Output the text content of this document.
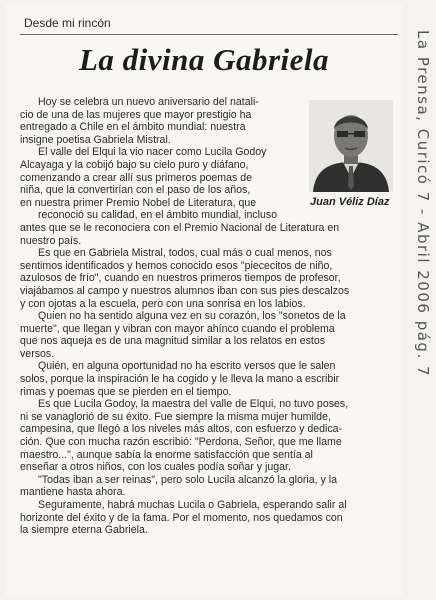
Desde mi rincón
La divina Gabriela
Juan Véliz Díaz

Hoy se celebra un nuevo aniversario del natali-

cio de una de las mujeres que mayor prestigio ha

entregado a Chile en el ámbito mundial: nuestra

insigne poetisa Gabriela Mistral.

El valle del Elqui la vio nacer como Lucila Godoy

Alcayaga y la cobijó bajo su cielo puro y diáfano,

comenzando a crear allí sus primeros poemas de

niña, que la convertirían con el paso de los años,

en nuestra primer Premio Nobel de Literatura, que

reconoció su calidad, en el ámbito mundial, incluso

antes que se le reconociera con el Premio Nacional de Literatura en

nuestro país.

Es que en Gabriela Mistral, todos, cual más o cual menos, nos

sentimos identificados y hemos conocido esos "piececitos de niño,

azulosos de frío", cuando en nuestros primeros tiempos de profesor,

viajábamos al campo y nuestros alumnos iban con sus pies descalzos

y con ojotas a la escuela, pero con una sonrisa en los labios.

Quien no ha sentido alguna vez en su corazón, los "sonetos de la

muerte", que llegan y vibran con mayor ahínco cuando el problema

que nos aqueja es de una magnitud similar a los relatos en estos

versos.

Quién, en alguna oportunidad no ha escrito versos que le salen

solos, porque la inspiración le ha cogido y le lleva la mano a escribir

rimas y poemas que se pierden en el tiempo.

Es que Lucila Godoy, la maestra del valle de Elqui, no tuvo poses,

ni se vanaglorió de su éxito. Fue siempre la misma mujer humilde,

campesina, que llegó a los niveles más altos, con esfuerzo y dedica-

ción. Que con mucha razón escribió: "Perdona, Señor, que me llame

maestro...", aunque sabía la enorme satisfacción que sentía al

enseñar a otros niños, con los cuales podía soñar y jugar.

"Todas iban a ser reinas", pero solo Lucila alcanzó la gloria, y la

mantiene hasta ahora.

Seguramente, habrá muchas Lucila o Gabriela, esperando salir al

horizonte del éxito y de la fama. Por el momento, nos quedamos con

la siempre eterna Gabriela.

La Prensa, Curicó 7 - Abril 2006 pág. 7
